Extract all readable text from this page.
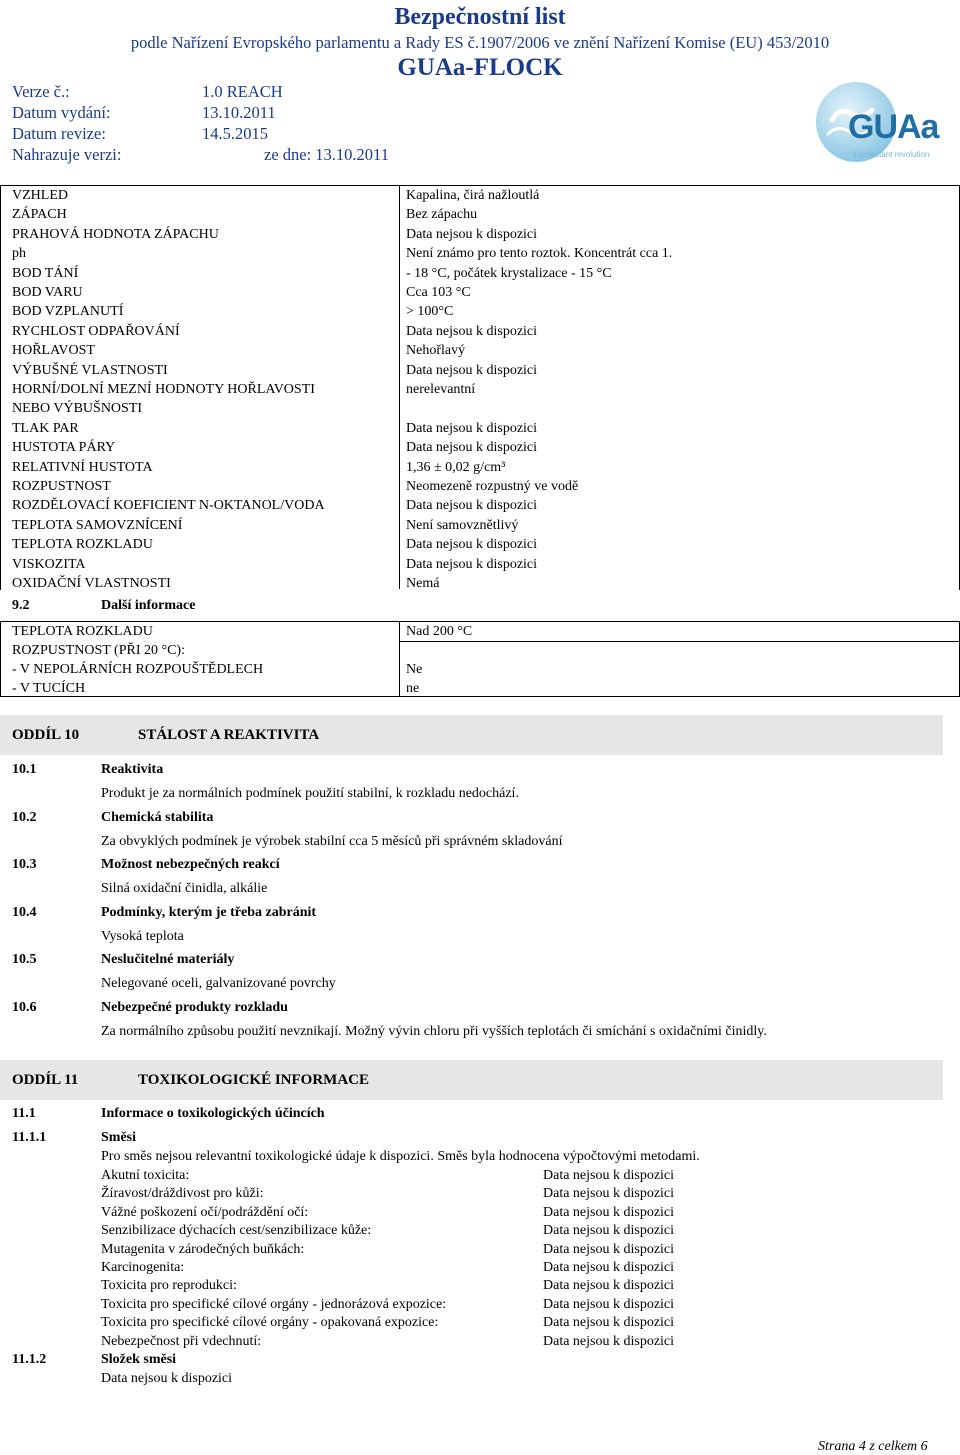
Bezpečnostní list
podle Nařízení Evropského parlamentu a Rady ES č.1907/2006 ve znění Nařízení Komise (EU) 453/2010
GUAa-FLOCK
Verze č.:	1.0 REACH
Datum vydání:	13.10.2011
Datum revize:	14.5.2015
Nahrazuje verzi:	ze dne: 13.10.2011
GUAa
disinfectant revolution
VZHLED	Kapalina, čirá nažloutlá
ZÁPACH	Bez zápachu
PRAHOVÁ HODNOTA ZÁPACHU	Data nejsou k dispozici
ph	Není známo pro tento roztok. Koncentrát cca 1.
BOD TÁNÍ	- 18 °C, počátek krystalizace - 15 °C
BOD VARU	Cca 103 °C
BOD VZPLANUTÍ	> 100°C
RYCHLOST ODPAŘOVÁNÍ	Data nejsou k dispozici
HOŘLAVOST	Nehořlavý
VÝBUŠNÉ VLASTNOSTI	Data nejsou k dispozici
HORNÍ/DOLNÍ MEZNÍ HODNOTY HOŘLAVOSTI	nerelevantní
NEBO VÝBUŠNOSTI
TLAK PAR	Data nejsou k dispozici
HUSTOTA PÁRY	Data nejsou k dispozici
RELATIVNÍ HUSTOTA	1,36 ± 0,02 g/cm³
ROZPUSTNOST	Neomezeně rozpustný ve vodě
ROZDĚLOVACÍ KOEFICIENT N-OKTANOL/VODA	Data nejsou k dispozici
TEPLOTA SAMOVZNÍCENÍ	Není samovznětlivý
TEPLOTA ROZKLADU	Data nejsou k dispozici
VISKOZITA	Data nejsou k dispozici
OXIDAČNÍ VLASTNOSTI	Nemá
9.2	Další informace
TEPLOTA ROZKLADU	Nad 200 °C
ROZPUSTNOST (PŘI 20 °C):
- V NEPOLÁRNÍCH ROZPOUŠTĚDLECH	Ne
- V TUCÍCH	ne
ODDÍL 10	STÁLOST A REAKTIVITA
10.1	Reaktivita
Produkt je za normálních podmínek použití stabilní, k rozkladu nedochází.
10.2	Chemická stabilita
Za obvyklých podmínek je výrobek stabilní cca 5 měsíců při správném skladování
10.3	Možnost nebezpečných reakcí
Silná oxidační činidla, alkálie
10.4	Podmínky, kterým je třeba zabránit
Vysoká teplota
10.5	Neslučitelné materiály
Nelegované oceli, galvanizované povrchy
10.6	Nebezpečné produkty rozkladu
Za normálního způsobu použití nevznikají. Možný vývin chloru při vyšších teplotách či smíchání s oxidačními činidly.
ODDÍL 11	TOXIKOLOGICKÉ INFORMACE
11.1	Informace o toxikologických účincích
11.1.1	Směsi
Pro směs nejsou relevantní toxikologické údaje k dispozici. Směs byla hodnocena výpočtovými metodami.
Akutní toxicita:	Data nejsou k dispozici
Žíravost/dráždivost pro kůži:	Data nejsou k dispozici
Vážné poškození očí/podráždění očí:	Data nejsou k dispozici
Senzibilizace dýchacích cest/senzibilizace kůže:	Data nejsou k dispozici
Mutagenita v zárodečných buňkách:	Data nejsou k dispozici
Karcinogenita:	Data nejsou k dispozici
Toxicita pro reprodukci:	Data nejsou k dispozici
Toxicita pro specifické cílové orgány - jednorázová expozice:	Data nejsou k dispozici
Toxicita pro specifické cílové orgány - opakovaná expozice:	Data nejsou k dispozici
Nebezpečnost při vdechnutí:	Data nejsou k dispozici
11.1.2	Složek směsi
Data nejsou k dispozici
Strana 4 z celkem 6
